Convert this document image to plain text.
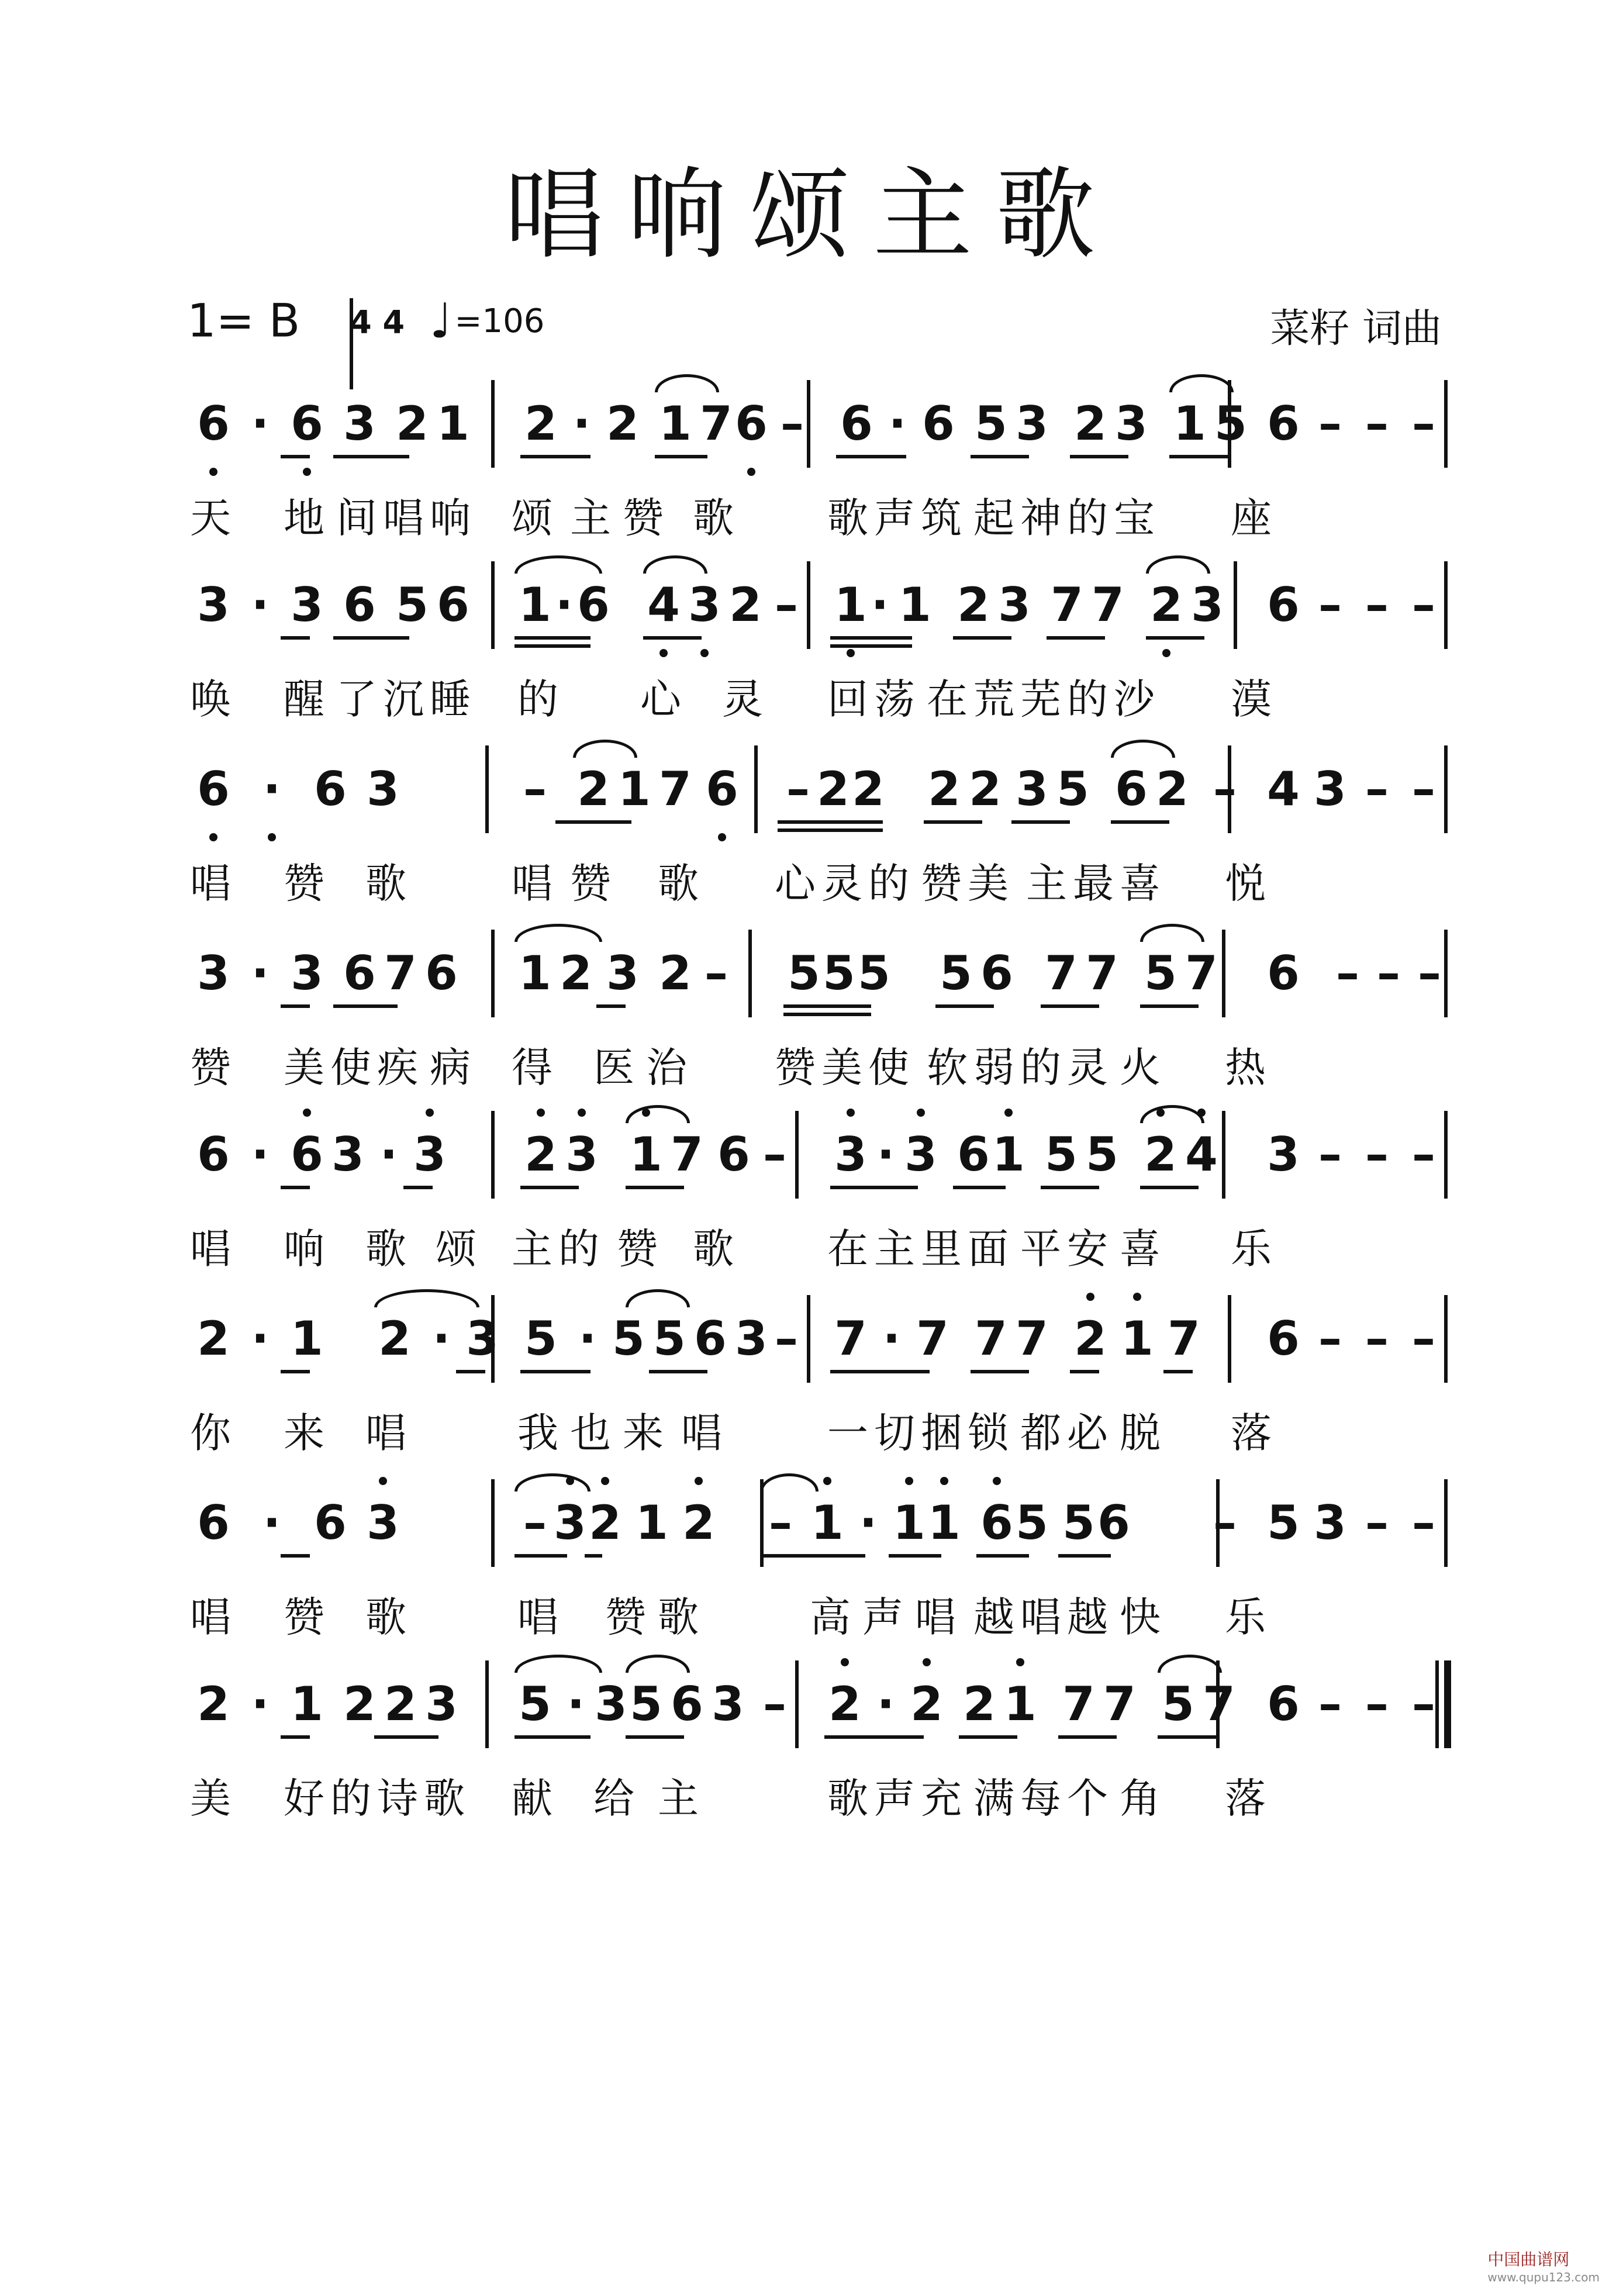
唱响颂主歌
1= B 4 4 ♩=106	菜籽 词曲
6 · 6 3 2 1 2 · 2 1 7 6 – 6 · 6 5 3 2 3 1 5 6 – – –
天 地 间 唱 响 颂 主 赞 歌 歌 声 筑 起 神 的 宝 座
3 · 3 6 5 6 1 · 6 4 3 2 – 1 · 1 2 3 7 7 2 3 6 – – –
唤 醒 了 沉 睡 的 心 灵 回 荡 在 荒 芜 的 沙 漠
6 · 6 3	– 2 1 7 6 – 2 2 2 2 3 5 6 2 4 3 – –
–
唱 赞 歌	唱 赞 歌 心 灵 的 赞 美 主 最 喜 悦
3 · 3 6 7 6 1 2 3 2 – 5 5 5 5 6 7 7 5 7 6 – – –
赞 美 使 疾 病 得 医 治 赞 美 使 软 弱 的 灵 火 热
6 · 6 3 · 3 2 3 1 7 6 – 3 · 3 6 1 5 5 2 4 3 – – –
唱 响 歌 颂 主 的 赞 歌 在 主 里 面 平 安 喜 乐
2 · 1 2 · 3 5 · 5 5 6 3 – 7 · 7 7 7 2 1 7 6 – – –
你 来 唱	我 也 来 唱	一 切 捆 锁 都 必 脱 落
6 · 6 3	– 3 2 1 2 – 1 · 1 1 6 5 5 6	5 3 – –
–
唱 赞 歌	唱 赞 歌	高 声 唱 越 唱 越 快 乐
2 · 1 2 2 3 5 · 3 5 6 3 – 2 · 2 2 1 7 7 5 7 6 – – –
美 好 的 诗 歌 献 给 主	歌 声 充 满 每 个 角 落
中国曲谱网
www.qupu123.com
